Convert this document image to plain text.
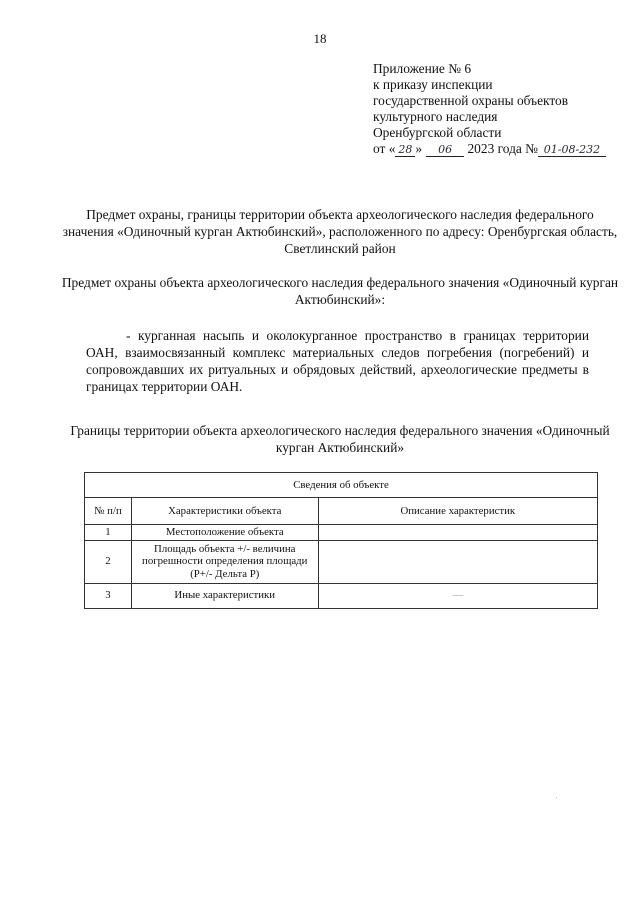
18
Приложение № 6
к приказу инспекции
государственной охраны объектов
культурного наследия
Оренбургской области
от « 28 » 06 2023 года № 01-08-232
Предмет охраны, границы территории объекта археологического наследия федерального значения «Одиночный курган Актюбинский», расположенного по адресу: Оренбургская область, Светлинский район
Предмет охраны объекта археологического наследия федерального значения «Одиночный курган Актюбинский»:
- курганная насыпь и околокурганное пространство в границах территории ОАН, взаимосвязанный комплекс материальных следов погребения (погребений) и сопровождавших их ритуальных и обрядовых действий, археологические предметы в границах территории ОАН.
Границы территории объекта археологического наследия федерального значения «Одиночный курган Актюбинский»
Сведения об объекте		
№ п/п	Характеристики объекта	Описание характеристик
1	Местоположение объекта	
2	Площадь объекта +/- величина погрешности определения площади (Р+/- Дельта Р)	
3	Иные характеристики	—
